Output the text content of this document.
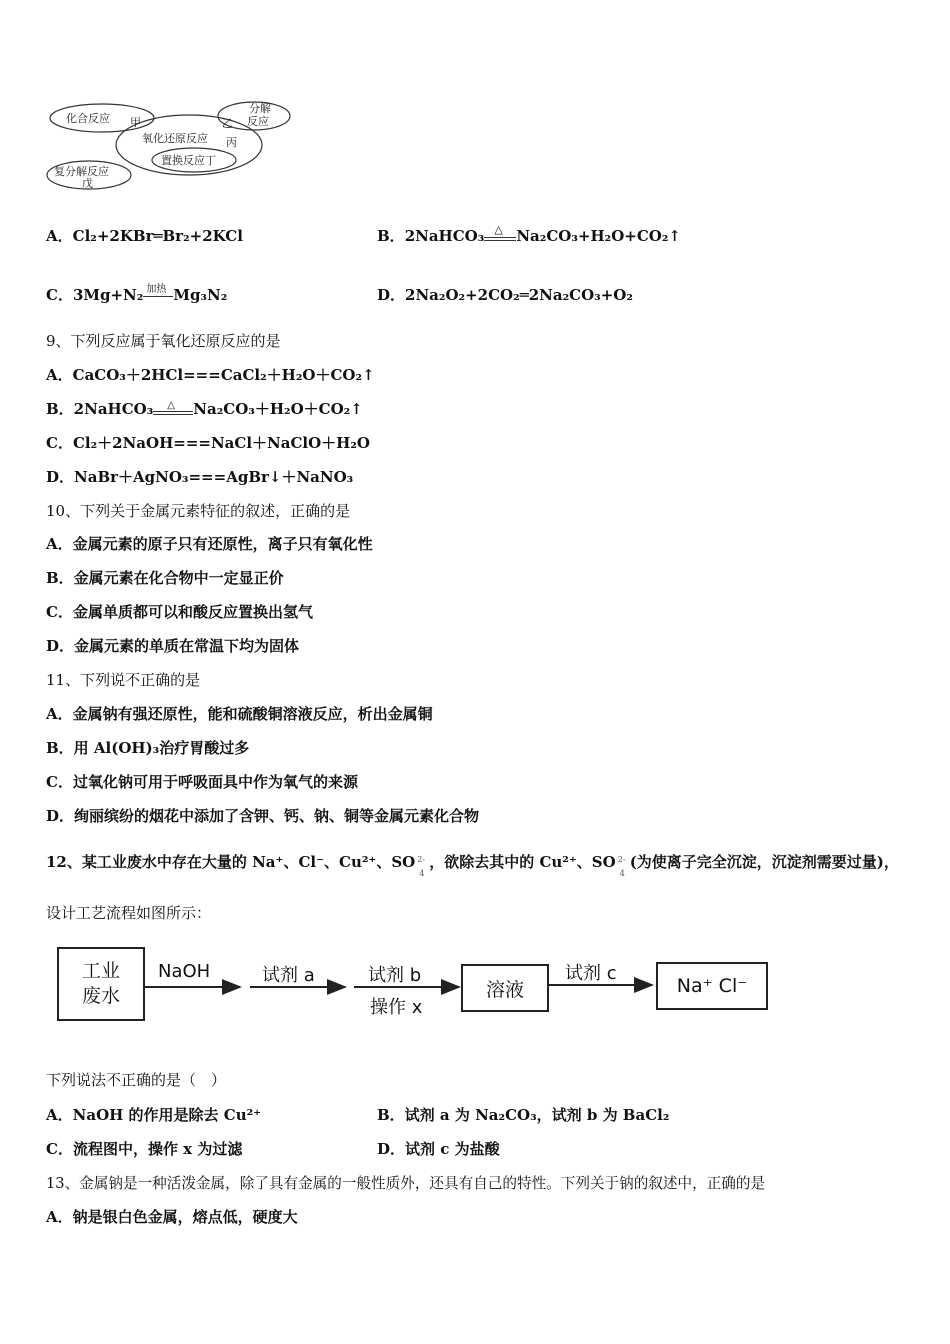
化合反应 甲
分解
反应
乙
氧化还原反应 丙
置换反应丁
复分解反应
戊
A．Cl₂+2KBr═Br₂+2KCl	B．2NaHCO₃ △ Na₂CO₃+H₂O+CO₂↑
C．3Mg+N₂ 加热 Mg₃N₂	D．2Na₂O₂+2CO₂═2Na₂CO₃+O₂
9、下列反应属于氧化还原反应的是
A．CaCO₃＋2HCl===CaCl₂＋H₂O＋CO₂↑
B．2NaHCO₃ △ Na₂CO₃＋H₂O＋CO₂↑
C．Cl₂＋2NaOH===NaCl＋NaClO＋H₂O
D．NaBr＋AgNO₃===AgBr↓＋NaNO₃
10、下列关于金属元素特征的叙述，正确的是
A．金属元素的原子只有还原性，离子只有氧化性
B．金属元素在化合物中一定显正价
C．金属单质都可以和酸反应置换出氢气
D．金属元素的单质在常温下均为固体
11、下列说不正确的是
A．金属钠有强还原性，能和硫酸铜溶液反应，析出金属铜
B．用 Al(OH)₃治疗胃酸过多
C．过氧化钠可用于呼吸面具中作为氧气的来源
D．绚丽缤纷的烟花中添加了含钾、钙、钠、铜等金属元素化合物
12、某工业废水中存在大量的 Na⁺、Cl⁻、Cu²⁺、SO 2-
4
，欲除去其中的 Cu²⁺、SO 2-
4
(为使离子完全沉淀，沉淀剂需要过量)，
设计工艺流程如图所示：
工业
废水
NaOH	试剂 a	试剂 b
操作 x
溶液
试剂 c
Na⁺ Cl⁻
下列说法不正确的是（　）
A．NaOH 的作用是除去 Cu²⁺	B．试剂 a 为 Na₂CO₃，试剂 b 为 BaCl₂
C．流程图中，操作 x 为过滤	D．试剂 c 为盐酸
13、金属钠是一种活泼金属，除了具有金属的一般性质外，还具有自己的特性。下列关于钠的叙述中，正确的是
A．钠是银白色金属，熔点低，硬度大
